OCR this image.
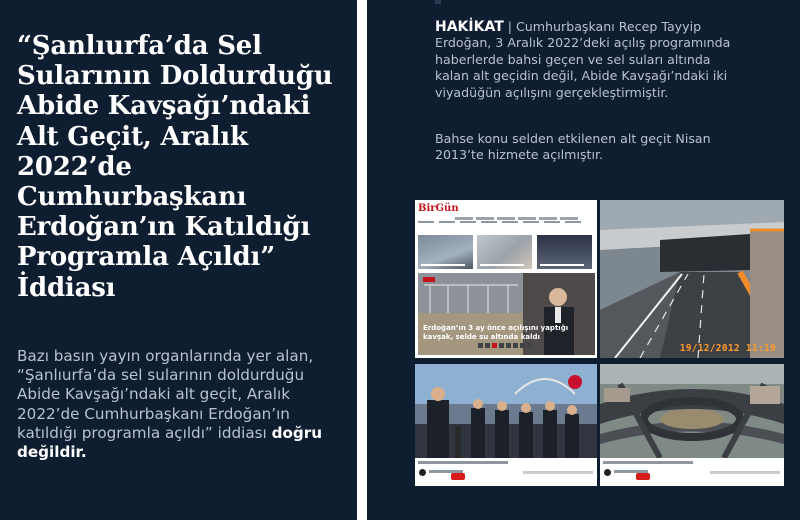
“Şanlıurfa’da Sel Sularının Doldurduğu Abide Kavşağı’ndaki Alt Geçit, Aralık 2022’de Cumhurbaşkanı Erdoğan’ın Katıldığı Programla Açıldı” İddiası

Bazı basın yayın organlarında yer alan, “Şanlıurfa’da sel sularının doldurduğu Abide Kavşağı’ndaki alt geçit, Aralık 2022’de Cumhurbaşkanı Erdoğan’ın katıldığı programla açıldı” iddiası doğru değildir.

HAKİKAT | Cumhurbaşkanı Recep Tayyip Erdoğan, 3 Aralık 2022’deki açılış programında haberlerde bahsi geçen ve sel suları altında kalan alt geçidin değil, Abide Kavşağı’ndaki iki viyadüğün açılışını gerçekleştirmiştir.

Bahse konu selden etkilenen alt geçit Nisan 2013’te hizmete açılmıştır.

BirGün
Erdoğan’ın 3 ay önce açılışını yaptığı kavşak, selde su altında kaldı
19/12/2012 11:19
